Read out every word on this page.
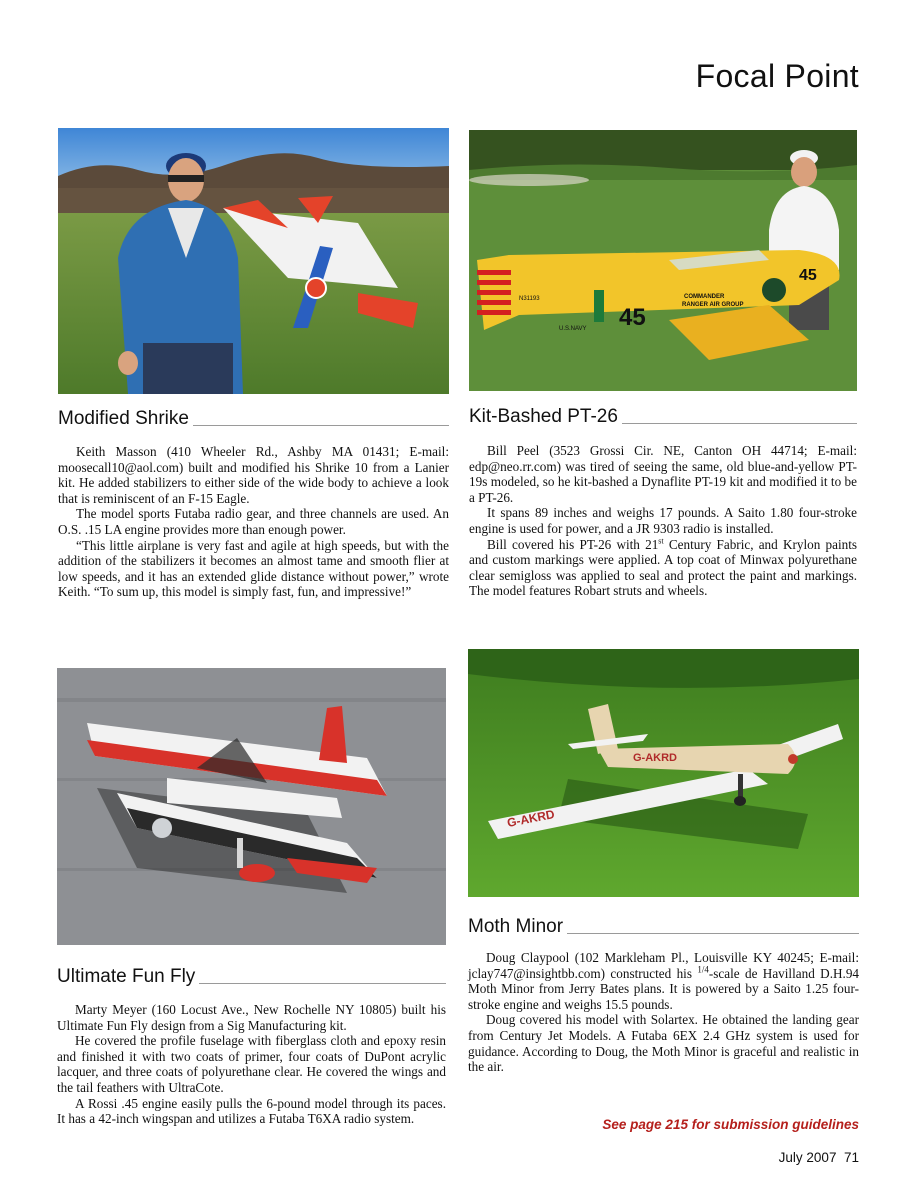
Focal Point
45
45
COMMANDER
RANGER AIR GROUP
U.S.NAVY
N31193
Modified Shrike	Kit-Bashed PT-26

Keith Masson (410 Wheeler Rd., Ashby MA 01431; E-mail: moosecall10@aol.com) built and modified his Shrike 10 from a Lanier kit. He added stabilizers to either side of the wide body to achieve a look that is reminiscent of an F-15 Eagle.

The model sports Futaba radio gear, and three channels are used. An O.S. .15 LA engine provides more than enough power.

“This little airplane is very fast and agile at high speeds, but with the addition of the stabilizers it becomes an almost tame and smooth flier at low speeds, and it has an extended glide distance without power,” wrote Keith. “To sum up, this model is simply fast, fun, and impressive!”

Bill Peel (3523 Grossi Cir. NE, Canton OH 44714; E-mail: edp@neo.rr.com) was tired of seeing the same, old blue-and-yellow PT-19s modeled, so he kit-bashed a Dynaflite PT-19 kit and modified it to be a PT-26.

It spans 89 inches and weighs 17 pounds. A Saito 1.80 four-stroke engine is used for power, and a JR 9303 radio is installed.

Bill covered his PT-26 with 21st Century Fabric, and Krylon paints and custom markings were applied. A top coat of Minwax polyurethane clear semigloss was applied to seal and protect the paint and markings. The model features Robart struts and wheels.

G-AKRD
G-AKRD
Moth Minor
Ultimate Fun Fly

Doug Claypool (102 Markleham Pl., Louisville KY 40245; E-mail: jclay747@insightbb.com) constructed his $^{1/4}$-scale de Havilland D.H.94 Moth Minor from Jerry Bates plans. It is powered by a Saito 1.25 four-stroke engine and weighs 15.5 pounds.

Doug covered his model with Solartex. He obtained the landing gear from Century Jet Models. A Futaba 6EX 2.4 GHz system is used for guidance. According to Doug, the Moth Minor is graceful and realistic in the air.

Marty Meyer (160 Locust Ave., New Rochelle NY 10805) built his Ultimate Fun Fly design from a Sig Manufacturing kit.

He covered the profile fuselage with fiberglass cloth and epoxy resin and finished it with two coats of primer, four coats of DuPont acrylic lacquer, and three coats of polyurethane clear. He covered the wings and the tail feathers with UltraCote.

A Rossi .45 engine easily pulls the 6-pound model through its paces. It has a 42-inch wingspan and utilizes a Futaba T6XA radio system.	See page 215 for submission guidelines
July 2007 71
